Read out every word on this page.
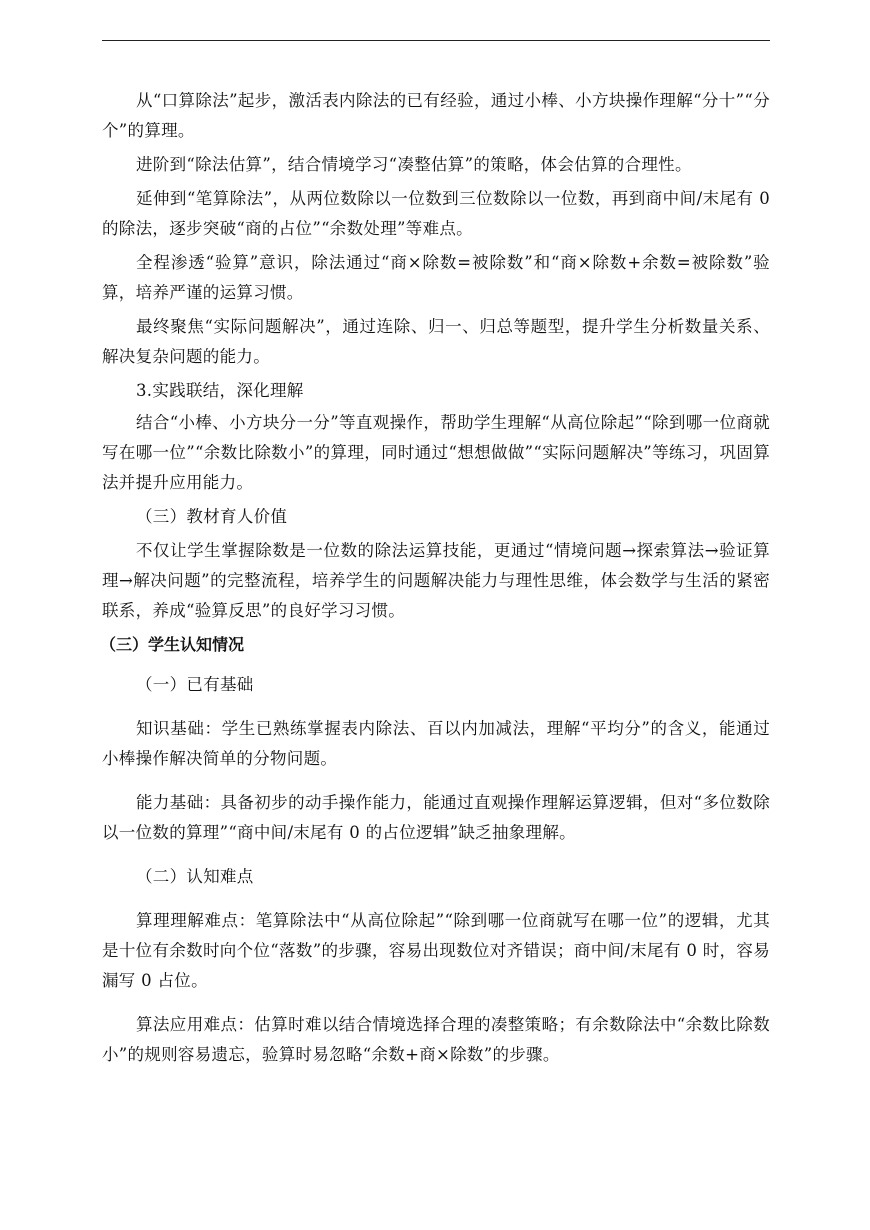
从“口算除法”起步，激活表内除法的已有经验，通过小棒、小方块操作理解“分十”“分个”的算理。

进阶到“除法估算”，结合情境学习“凑整估算”的策略，体会估算的合理性。

延伸到“笔算除法”，从两位数除以一位数到三位数除以一位数，再到商中间/末尾有 0 的除法，逐步突破“商的占位”“余数处理”等难点。

全程渗透“验算”意识，除法通过“商×除数=被除数”和“商×除数+余数=被除数”验算，培养严谨的运算习惯。

最终聚焦“实际问题解决”，通过连除、归一、归总等题型，提升学生分析数量关系、解决复杂问题的能力。

3.实践联结，深化理解

结合“小棒、小方块分一分”等直观操作，帮助学生理解“从高位除起”“除到哪一位商就写在哪一位”“余数比除数小”的算理，同时通过“想想做做”“实际问题解决”等练习，巩固算法并提升应用能力。

（三）教材育人价值

不仅让学生掌握除数是一位数的除法运算技能，更通过“情境问题→探索算法→验证算理→解决问题”的完整流程，培养学生的问题解决能力与理性思维，体会数学与生活的紧密联系，养成“验算反思”的良好学习习惯。

（三）学生认知情况

（一）已有基础

知识基础：学生已熟练掌握表内除法、百以内加减法，理解“平均分”的含义，能通过小棒操作解决简单的分物问题。

能力基础：具备初步的动手操作能力，能通过直观操作理解运算逻辑，但对“多位数除以一位数的算理”“商中间/末尾有 0 的占位逻辑”缺乏抽象理解。

（二）认知难点

算理理解难点：笔算除法中“从高位除起”“除到哪一位商就写在哪一位”的逻辑，尤其是十位有余数时向个位“落数”的步骤，容易出现数位对齐错误；商中间/末尾有 0 时，容易漏写 0 占位。

算法应用难点：估算时难以结合情境选择合理的凑整策略；有余数除法中“余数比除数小”的规则容易遗忘，验算时易忽略“余数+商×除数”的步骤。
